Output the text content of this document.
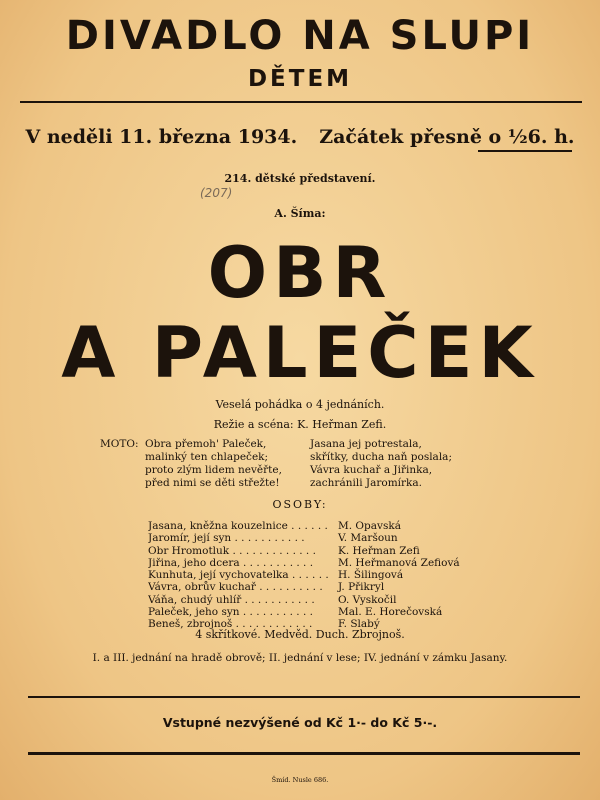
DIVADLO NA SLUPI
DĚTEM
V neděli 11. března 1934. Začátek přesně o ½6. h.
214. dětské představení.
(207)
A. Šíma:
OBR
A PALEČEK
Veselá pohádka o 4 jednáních.
Režie a scéna: K. Heřman Zefi.
MOTO: Obra přemoh' Paleček,
malinký ten chlapeček;
proto zlým lidem nevěřte,
před nimi se děti střežte!
Jasana jej potrestala,
skřítky, ducha naň poslala;
Vávra kuchař a Jiřinka,
zachránili Jaromírka.
OSOBY:
Jasana, kněžna kouzelnice . . . . . . M. Opavská
Jaromír, její syn . . . . . . . . . . .	V. Maršoun
Obr Hromotluk . . . . . . . . . . . . .	K. Heřman Zefi
Jiřina, jeho dcera . . . . . . . . . . .	M. Heřmanová Zefiová
Kunhuta, její vychovatelka . . . . . . H. Šilingová
Vávra, obrův kuchař . . . . . . . . . .	J. Přikryl
Váňa, chudý uhlíř . . . . . . . . . . .	O. Vyskočil
Paleček, jeho syn . . . . . . . . . . .	Mal. E. Horečovská
Beneš, zbrojnoš . . . . . . . . . . . .	F. Slabý
4 skřítkové. Medvěd. Duch. Zbrojnoš.
I. a III. jednání na hradě obrově; II. jednání v lese; IV. jednání v zámku Jasany.
Vstupné nezvýšené od Kč 1·- do Kč 5·-.
Šmíd. Nusle 686.
